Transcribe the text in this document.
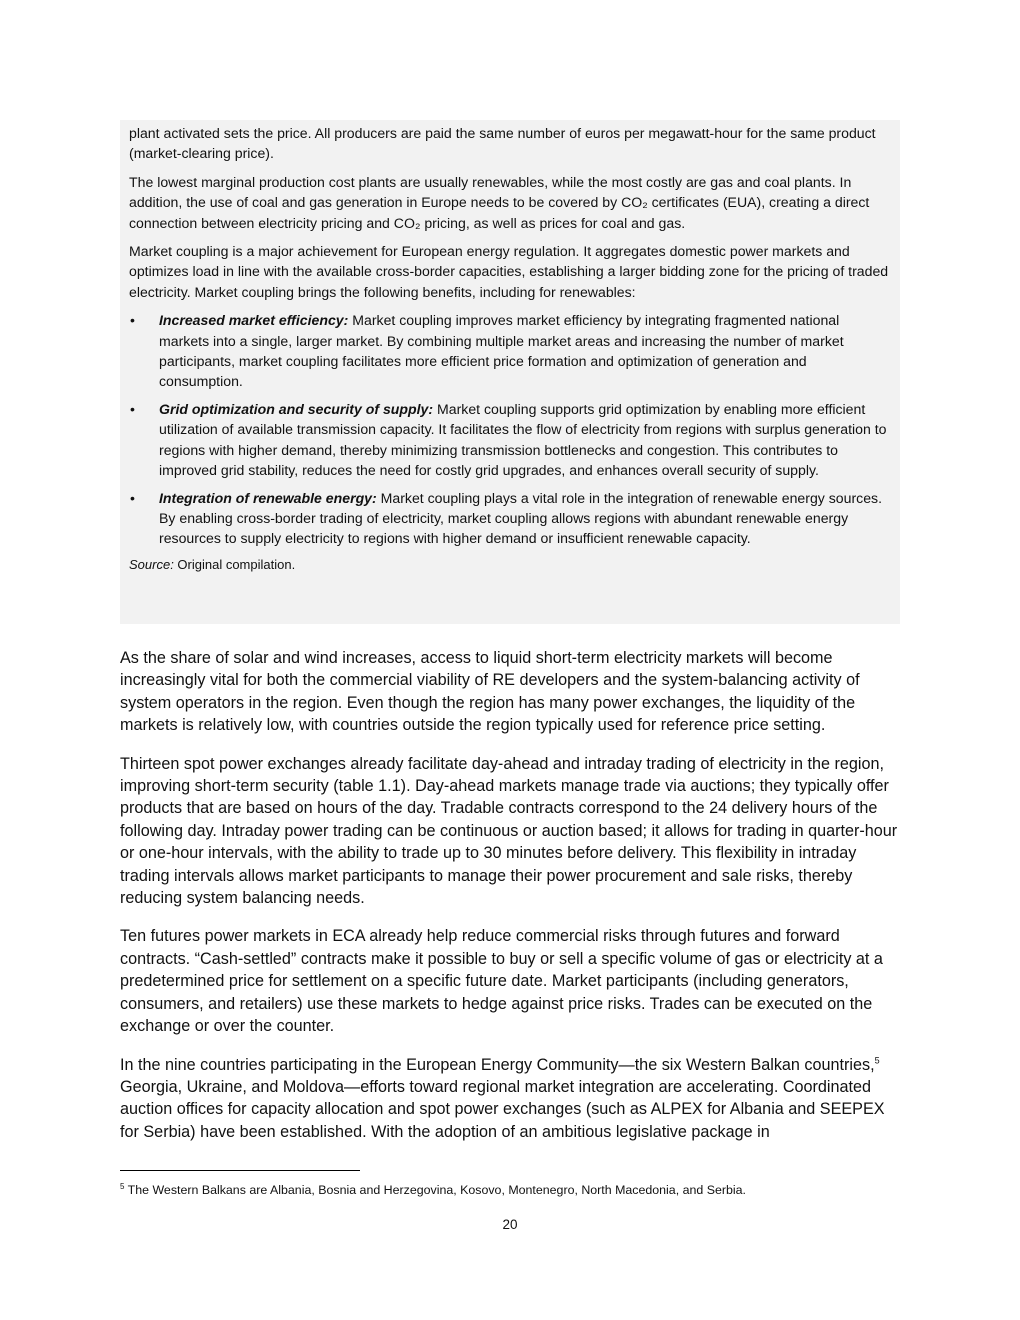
plant activated sets the price. All producers are paid the same number of euros per megawatt-hour for the same product (market-clearing price).

The lowest marginal production cost plants are usually renewables, while the most costly are gas and coal plants. In addition, the use of coal and gas generation in Europe needs to be covered by CO₂ certificates (EUA), creating a direct connection between electricity pricing and CO₂ pricing, as well as prices for coal and gas.

Market coupling is a major achievement for European energy regulation. It aggregates domestic power markets and optimizes load in line with the available cross-border capacities, establishing a larger bidding zone for the pricing of traded electricity. Market coupling brings the following benefits, including for renewables:

• Increased market efficiency: Market coupling improves market efficiency by integrating fragmented national markets into a single, larger market. By combining multiple market areas and increasing the number of market participants, market coupling facilitates more efficient price formation and optimization of generation and consumption.
• Grid optimization and security of supply: Market coupling supports grid optimization by enabling more efficient utilization of available transmission capacity. It facilitates the flow of electricity from regions with surplus generation to regions with higher demand, thereby minimizing transmission bottlenecks and congestion. This contributes to improved grid stability, reduces the need for costly grid upgrades, and enhances overall security of supply.
• Integration of renewable energy: Market coupling plays a vital role in the integration of renewable energy sources. By enabling cross-border trading of electricity, market coupling allows regions with abundant renewable energy resources to supply electricity to regions with higher demand or insufficient renewable capacity.
Source: Original compilation.

As the share of solar and wind increases, access to liquid short-term electricity markets will become increasingly vital for both the commercial viability of RE developers and the system-balancing activity of system operators in the region. Even though the region has many power exchanges, the liquidity of the markets is relatively low, with countries outside the region typically used for reference price setting.

Thirteen spot power exchanges already facilitate day-ahead and intraday trading of electricity in the region, improving short-term security (table 1.1). Day-ahead markets manage trade via auctions; they typically offer products that are based on hours of the day. Tradable contracts correspond to the 24 delivery hours of the following day. Intraday power trading can be continuous or auction based; it allows for trading in quarter-hour or one-hour intervals, with the ability to trade up to 30 minutes before delivery. This flexibility in intraday trading intervals allows market participants to manage their power procurement and sale risks, thereby reducing system balancing needs.

Ten futures power markets in ECA already help reduce commercial risks through futures and forward contracts. “Cash-settled” contracts make it possible to buy or sell a specific volume of gas or electricity at a predetermined price for settlement on a specific future date. Market participants (including generators, consumers, and retailers) use these markets to hedge against price risks. Trades can be executed on the exchange or over the counter.

In the nine countries participating in the European Energy Community—the six Western Balkan countries,$^5$ Georgia, Ukraine, and Moldova—efforts toward regional market integration are accelerating. Coordinated auction offices for capacity allocation and spot power exchanges (such as ALPEX for Albania and SEEPEX for Serbia) have been established. With the adoption of an ambitious legislative package in

$^5$ The Western Balkans are Albania, Bosnia and Herzegovina, Kosovo, Montenegro, North Macedonia, and Serbia.
20
